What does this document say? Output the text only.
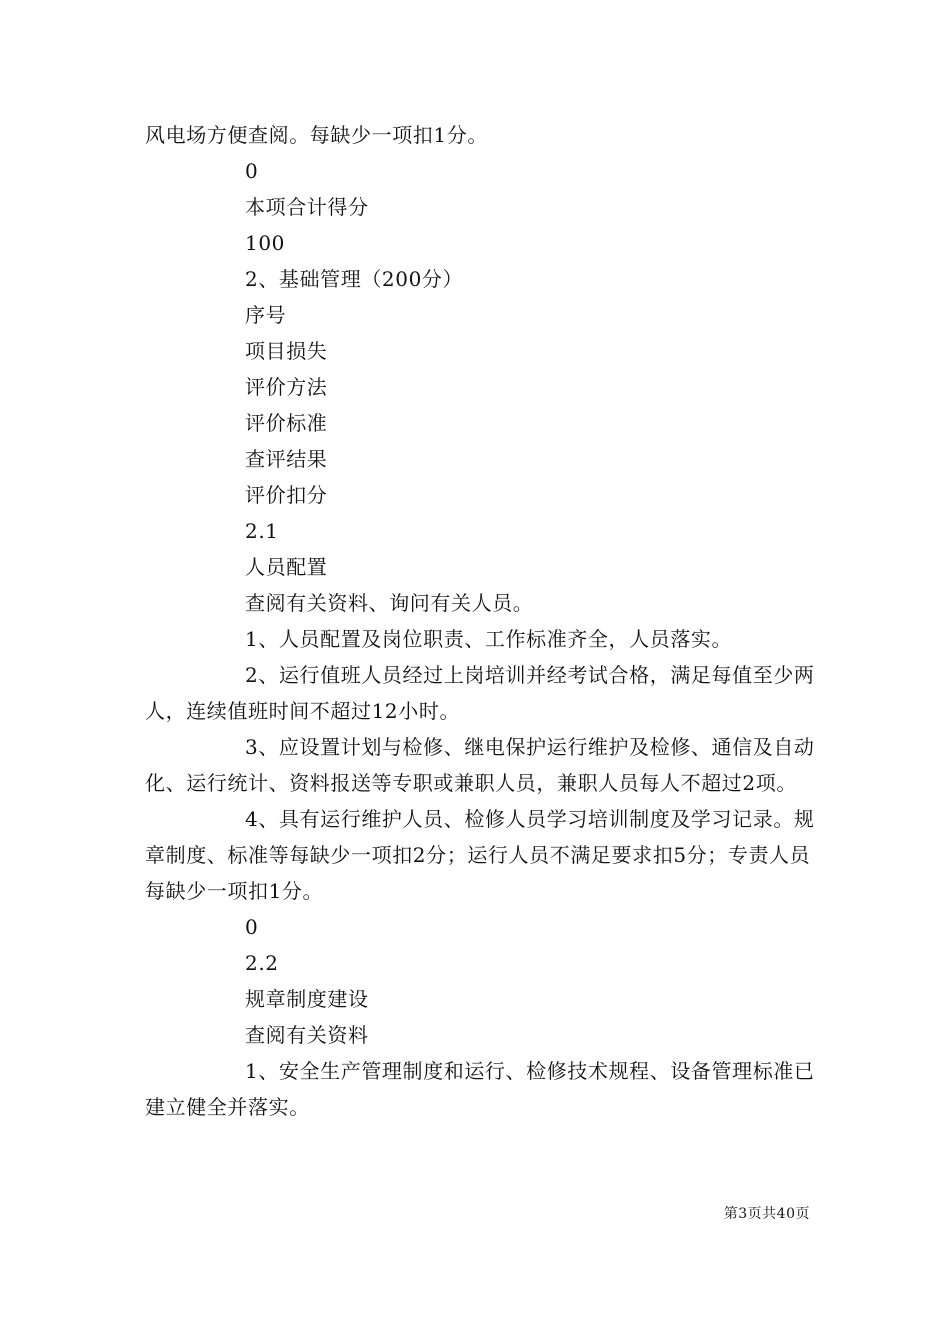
风电场方便查阅。每缺少一项扣1分。

0

本项合计得分

100

2、基础管理（200分）

序号

项目损失

评价方法

评价标准

查评结果

评价扣分

2.1

人员配置

查阅有关资料、询问有关人员。

1、人员配置及岗位职责、工作标准齐全，人员落实。

2、运行值班人员经过上岗培训并经考试合格，满足每值至少两人，连续值班时间不超过12小时。

3、应设置计划与检修、继电保护运行维护及检修、通信及自动化、运行统计、资料报送等专职或兼职人员，兼职人员每人不超过2项。

4、具有运行维护人员、检修人员学习培训制度及学习记录。规章制度、标准等每缺少一项扣2分；运行人员不满足要求扣5分；专责人员每缺少一项扣1分。

0

2.2

规章制度建设

查阅有关资料

1、安全生产管理制度和运行、检修技术规程、设备管理标准已建立健全并落实。

第3页共40页
